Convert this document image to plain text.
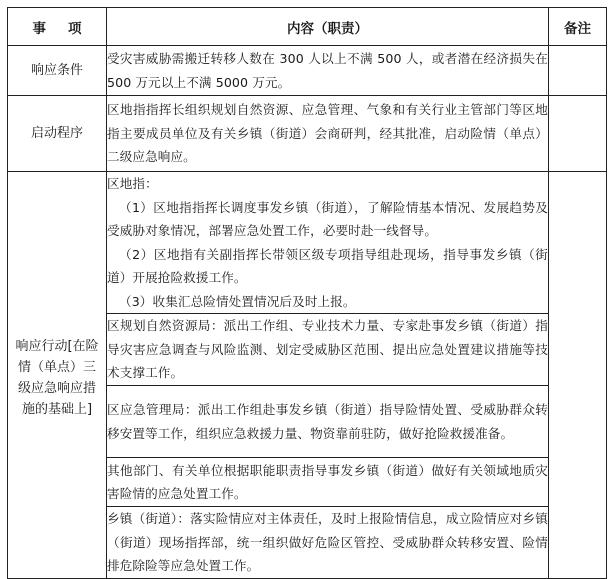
事 项	内容（职责）	备注
响应条件	受灾害威胁需搬迁转移人数在 300 人以上不满 500 人，或者潜在经济损失在 500 万元以上不满 5000 万元。	
启动程序	区地指指挥长组织规划自然资源、应急管理、气象和有关行业主管部门等区地指主要成员单位及有关乡镇（街道）会商研判，经其批准，启动险情（单点）二级应急响应。	
响应行动[在险情（单点）三级应急响应措施的基础上]	区地指：

（1）区地指指挥长调度事发乡镇（街道），了解险情基本情况、发展趋势及受威胁对象情况，部署应急处置工作，必要时赴一线督导。

（2）区地指有关副指挥长带领区级专项指导组赴现场，指导事发乡镇（街道）开展抢险救援工作。

（3）收集汇总险情处置情况后及时上报。	

	区规划自然资源局：派出工作组、专业技术力量、专家赴事发乡镇（街道）指导灾害应急调查与风险监测、划定受威胁区范围、提出应急处置建议措施等技术支撑工作。	
	区应急管理局：派出工作组赴事发乡镇（街道）指导险情处置、受威胁群众转移安置等工作，组织应急救援力量、物资靠前驻防，做好抢险救援准备。	
	其他部门、有关单位根据职能职责指导事发乡镇（街道）做好有关领域地质灾害险情的应急处置工作。	
	乡镇（街道）：落实险情应对主体责任，及时上报险情信息，成立险情应对乡镇（街道）现场指挥部，统一组织做好危险区管控、受威胁群众转移安置、险情排危除险等应急处置工作。	
